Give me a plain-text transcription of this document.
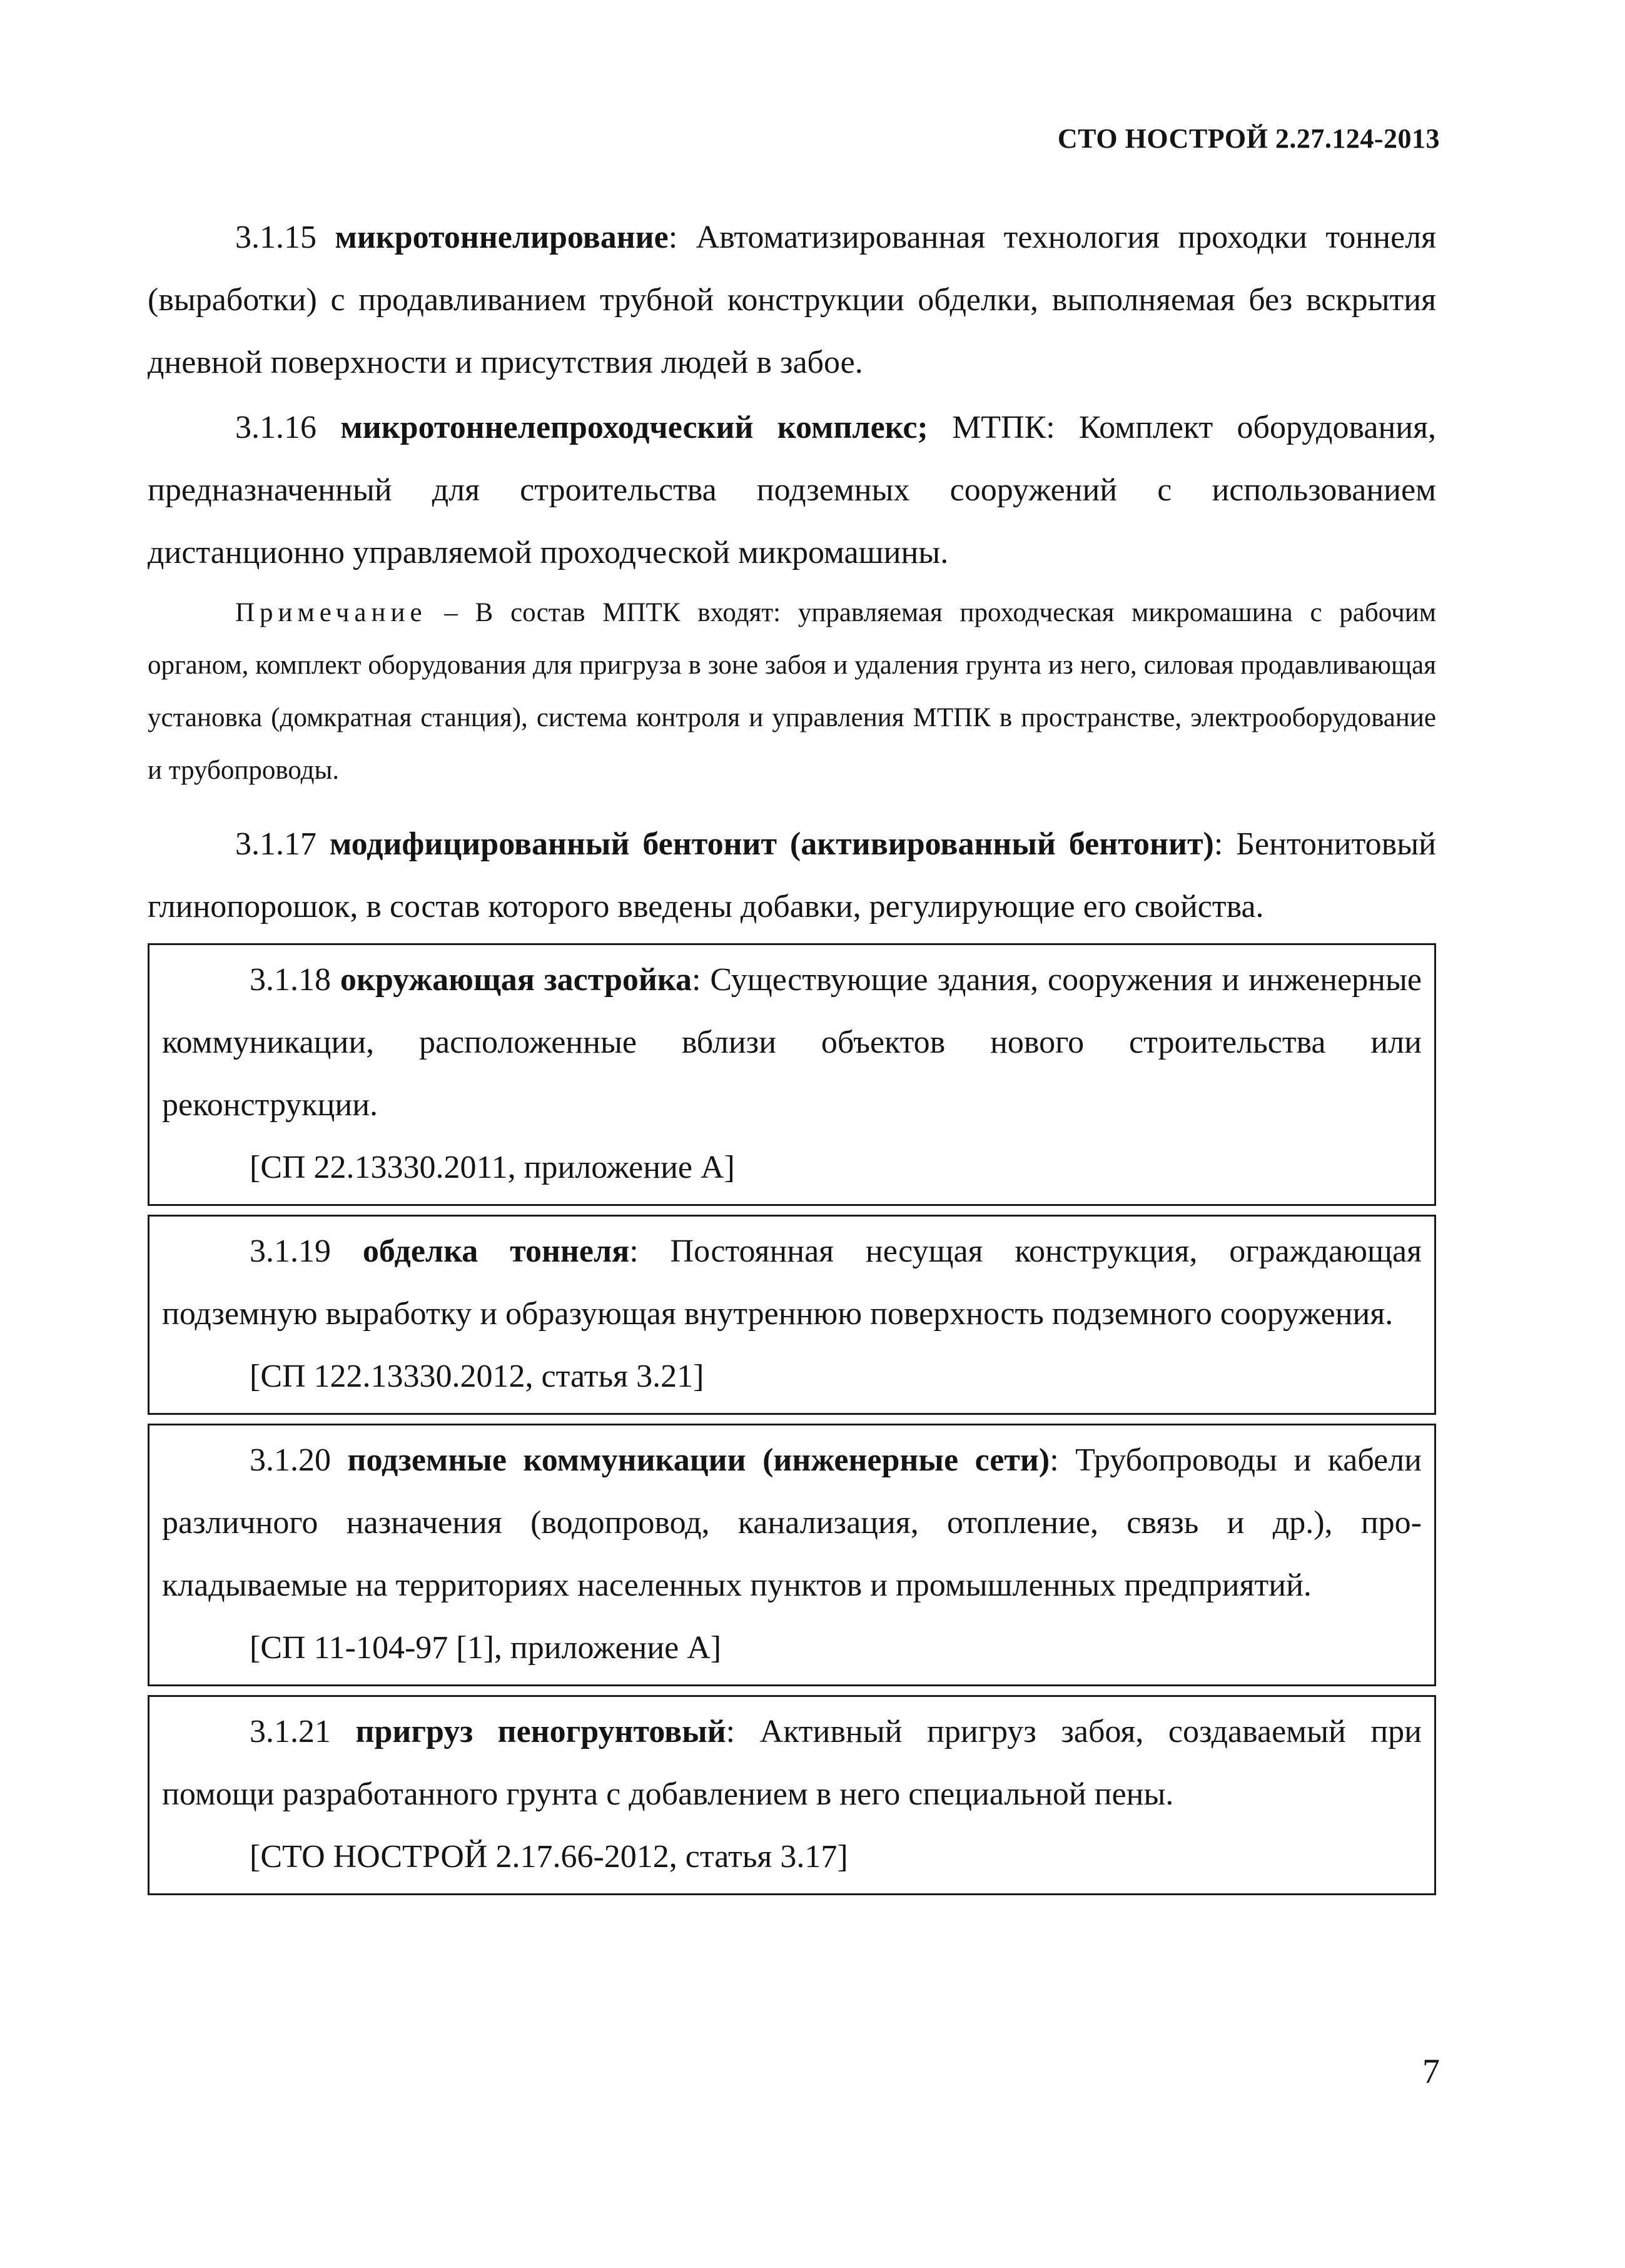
СТО НОСТРОЙ 2.27.124-2013

3.1.15 микротоннелирование: Автоматизированная технология проходки тоннеля (выработки) с продавливанием трубной конструкции обделки, выполняемая без вскрытия дневной поверхности и присутствия людей в забое.

3.1.16 микротоннелепроходческий комплекс; МТПК: Комплект оборудования, предназначенный для строительства подземных сооружений с использованием дистанционно управляемой проходческой микромашины.

Примечание – В состав МПТК входят: управляемая проходческая микромашина с рабочим органом, комплект оборудования для пригруза в зоне забоя и удаления грунта из него, силовая продавливающая установка (домкратная станция), система контроля и управления МТПК в пространстве, электрооборудование и трубопроводы.

3.1.17 модифицированный бентонит (активированный бентонит): Бентонитовый глинопорошок, в состав которого введены добавки, регулирующие его свойства.

3.1.18 окружающая застройка: Существующие здания, сооружения и инженерные коммуникации, расположенные вблизи объектов нового строительства или реконструкции.

[СП 22.13330.2011, приложение А]

3.1.19 обделка тоннеля: Постоянная несущая конструкция, ограждающая подземную выработку и образующая внутреннюю поверхность подземного сооружения.

[СП 122.13330.2012, статья 3.21]

3.1.20 подземные коммуникации (инженерные сети): Трубопроводы и кабели различного назначения (водопровод, канализация, отопление, связь и др.), прокладываемые на территориях населенных пунктов и промышленных предприятий.

[СП 11-104-97 [1], приложение А]

3.1.21 пригруз пеногрунтовый: Активный пригруз забоя, создаваемый при помощи разработанного грунта с добавлением в него специальной пены.

[СТО НОСТРОЙ 2.17.66-2012, статья 3.17]

7
